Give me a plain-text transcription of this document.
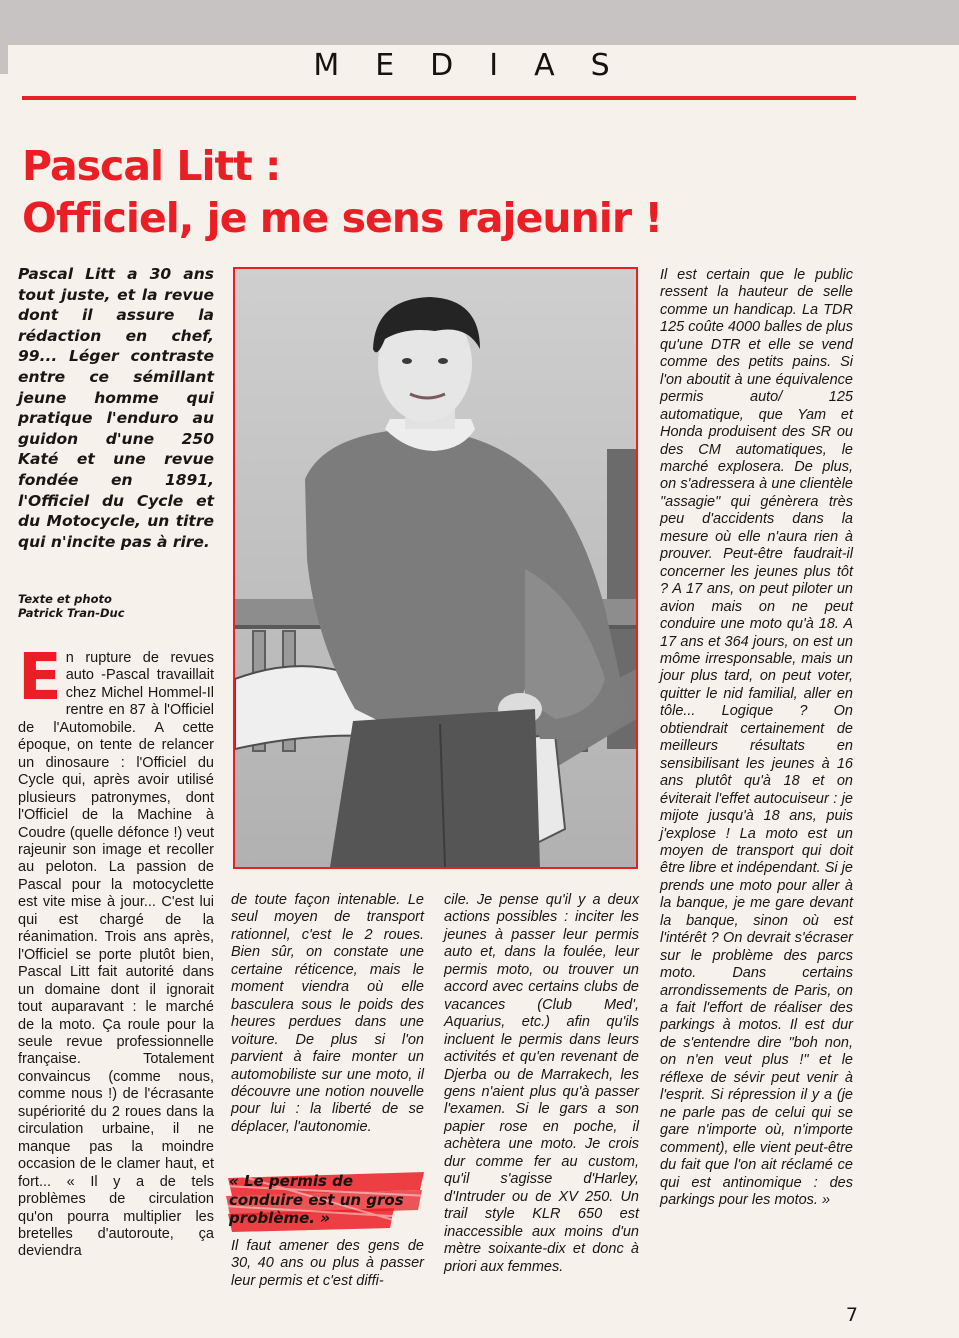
MEDIAS
Pascal Litt :
Officiel, je me sens rajeunir !
Pascal Litt a 30 ans tout juste, et la revue dont il assure la rédaction en chef, 99... Léger contraste entre ce sémillant jeune homme qui pratique l'enduro au guidon d'une 250 Katé et une revue fondée en 1891, l'Officiel du Cycle et du Motocycle, un titre qui n'incite pas à rire.
Texte et photo
Patrick Tran-Duc
En rupture de revues auto -Pascal travaillait chez Michel Hommel-Il rentre en 87 à l'Officiel de l'Automobile. A cette époque, on tente de relancer un dinosaure : l'Officiel du Cycle qui, après avoir utilisé plusieurs patronymes, dont l'Officiel de la Machine à Coudre (quelle défonce !) veut rajeunir son image et recoller au peloton. La passion de Pascal pour la motocyclette est vite mise à jour... C'est lui qui est chargé de la réanimation. Trois ans après, l'Officiel se porte plutôt bien, Pascal Litt fait autorité dans un domaine dont il ignorait tout auparavant : le marché de la moto. Ça roule pour la seule revue professionnelle française. Totalement convaincus (comme nous, comme nous !) de l'écrasante supériorité du 2 roues dans la circulation urbaine, il ne manque pas la moindre occasion de le clamer haut, et fort... « Il y a de tels problèmes de circulation qu'on pourra multiplier les bretelles d'autoroute, ça deviendra
de toute façon intenable. Le seul moyen de transport rationnel, c'est le 2 roues. Bien sûr, on constate une certaine réticence, mais le moment viendra où elle basculera sous le poids des heures perdues dans une voiture. De plus si l'on parvient à faire monter un automobiliste sur une moto, il découvre une notion nouvelle pour lui : la liberté de se déplacer, l'autonomie.
« Le permis de conduire est un gros problème. »
Il faut amener des gens de 30, 40 ans ou plus à passer leur permis et c'est diffi-
cile. Je pense qu'il y a deux actions possibles : inciter les jeunes à passer leur permis auto et, dans la foulée, leur permis moto, ou trouver un accord avec certains clubs de vacances (Club Med', Aquarius, etc.) afin qu'ils incluent le permis dans leurs activités et qu'en revenant de Djerba ou de Marrakech, les gens n'aient plus qu'à passer l'examen. Si le gars a son papier rose en poche, il achètera une moto. Je crois dur comme fer au custom, qu'il s'agisse d'Harley, d'Intruder ou de XV 250. Un trail style KLR 650 est inaccessible aux moins d'un mètre soixante-dix et donc à priori aux femmes.
Il est certain que le public ressent la hauteur de selle comme un handicap. La TDR 125 coûte 4000 balles de plus qu'une DTR et elle se vend comme des petits pains. Si l'on aboutit à une équivalence permis auto/ 125 automatique, que Yam et Honda produisent des SR ou des CM automatiques, le marché explosera. De plus, on s'adressera à une clientèle "assagie" qui génèrera très peu d'accidents dans la mesure où elle n'aura rien à prouver. Peut-être faudrait-il concerner les jeunes plus tôt ? A 17 ans, on peut piloter un avion mais on ne peut conduire une moto qu'à 18. A 17 ans et 364 jours, on est un môme irresponsable, mais un jour plus tard, on peut voter, quitter le nid familial, aller en tôle... Logique ? On obtiendrait certainement de meilleurs résultats en sensibilisant les jeunes à 16 ans plutôt qu'à 18 et on éviterait l'effet autocuiseur : je mijote jusqu'à 18 ans, puis j'explose ! La moto est un moyen de transport qui doit être libre et indépendant. Si je prends une moto pour aller à la banque, je me gare devant la banque, sinon où est l'intérêt ? On devrait s'écraser sur le problème des parcs moto. Dans certains arrondissements de Paris, on a fait l'effort de réaliser des parkings à motos. Il est dur de s'entendre dire "boh non, on n'en veut plus !" et le réflexe de sévir peut venir à l'esprit. Si répression il y a (je ne parle pas de celui qui se gare n'importe où, n'importe comment), elle vient peut-être du fait que l'on ait réclamé ce qui est antinomique : des parkings pour les motos. »
7
